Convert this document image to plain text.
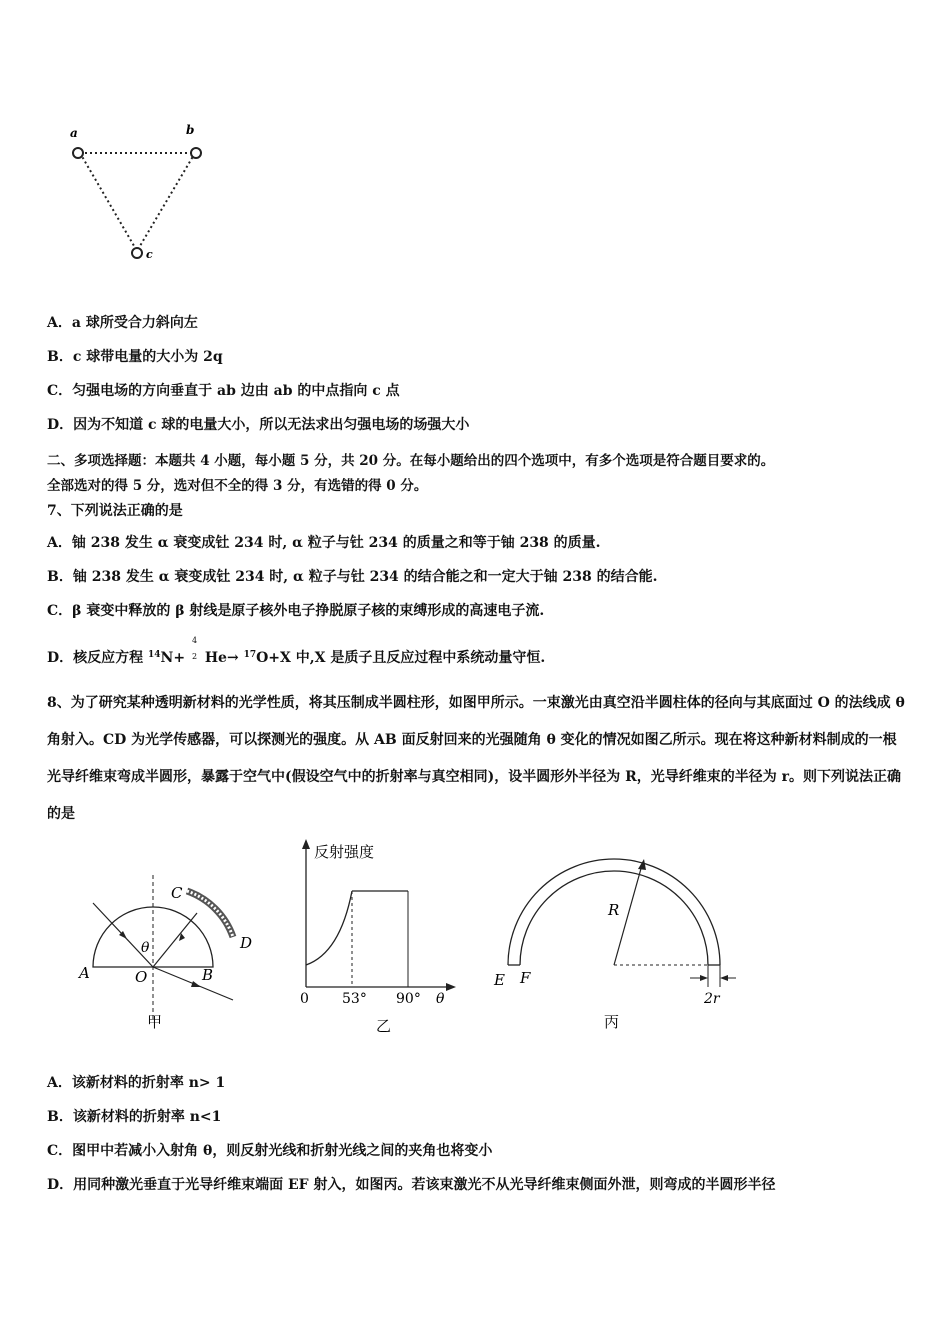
a	b
c
A．a 球所受合力斜向左
B．c 球带电量的大小为 2q
C．匀强电场的方向垂直于 ab 边由 ab 的中点指向 c 点
D．因为不知道 c 球的电量大小，所以无法求出匀强电场的场强大小
二、多项选择题：本题共 4 小题，每小题 5 分，共 20 分。在每小题给出的四个选项中，有多个选项是符合题目要求的。
全部选对的得 5 分，选对但不全的得 3 分，有选错的得 0 分。
7、下列说法正确的是
A．铀 238 发生 α 衰变成钍 234 时, α 粒子与钍 234 的质量之和等于铀 238 的质量.
B．铀 238 发生 α 衰变成钍 234 时, α 粒子与钍 234 的结合能之和一定大于铀 238 的结合能.
C．β 衰变中释放的 β 射线是原子核外电子挣脱原子核的束缚形成的高速电子流.
D．核反应方程 $^{14}$N+
4
2 He→ $^{17}$O+X 中,X 是质子且反应过程中系统动量守恒.
8、为了研究某种透明新材料的光学性质，将其压制成半圆柱形，如图甲所示。一束激光由真空沿半圆柱体的径向与其底面过 O 的法线成 θ 角射入。CD 为光学传感器，可以探测光的强度。从 AB 面反射回来的光强随角 θ 变化的情况如图乙所示。现在将这种新材料制成的一根光导纤维束弯成半圆形，暴露于空气中(假设空气中的折射率与真空相同)，设半圆形外半径为 R，光导纤维束的半径为 r。则下列说法正确的是
A	O	B
C
D
θ
甲
反射强度
0 53° 90° θ
乙
R
E F
2r
丙
A．该新材料的折射率 n> 1
B．该新材料的折射率 n<1
C．图甲中若减小入射角 θ，则反射光线和折射光线之间的夹角也将变小
D．用同种激光垂直于光导纤维束端面 EF 射入，如图丙。若该束激光不从光导纤维束侧面外泄，则弯成的半圆形半径
